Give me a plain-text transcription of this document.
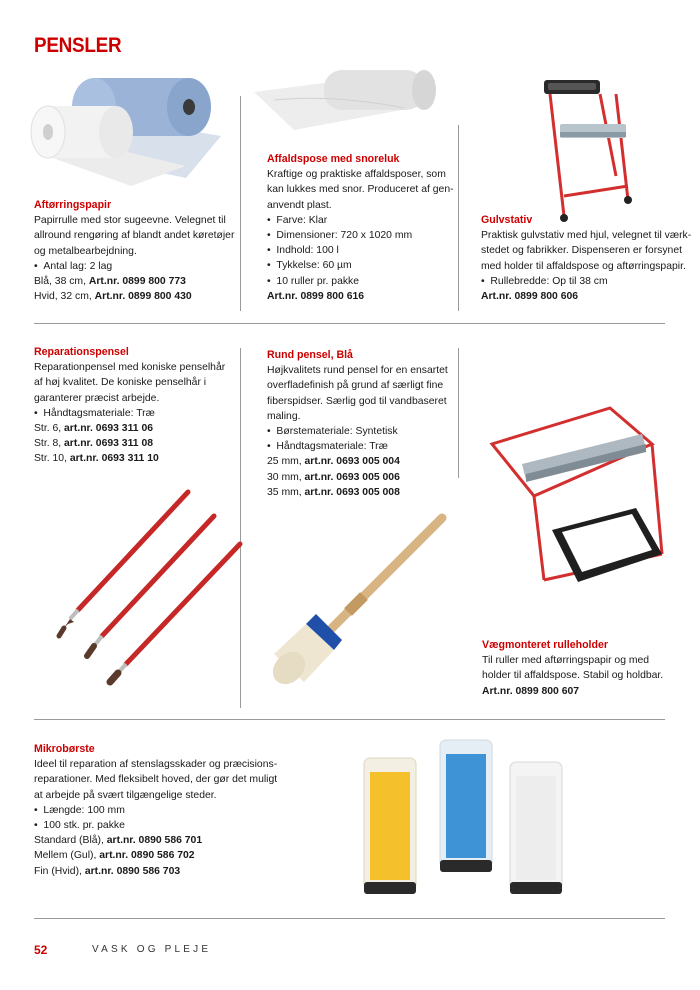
PENSLER
Aftørringspapir
Papirrulle med stor sugeevne. Velegnet til
allround rengøring af blandt andet køretøjer
og metalbearbejdning.
•  Antal lag: 2 lag
Blå, 38 cm, Art.nr. 0899 800 773
Hvid, 32 cm, Art.nr. 0899 800 430
Affaldspose med snoreluk
Kraftige og praktiske affaldsposer, som
kan lukkes med snor. Produceret af gen-
anvendt plast.
•  Farve: Klar
•  Dimensioner: 720 x 1020 mm
•  Indhold: 100 l
•  Tykkelse: 60 µm
•  10 ruller pr. pakke
Art.nr. 0899 800 616
Gulvstativ
Praktisk gulvstativ med hjul, velegnet til værk-
stedet og fabrikker. Dispenseren er forsynet
med holder til affaldspose og aftørringspapir.
•  Rullebredde: Op til 38 cm
Art.nr. 0899 800 606
Reparationspensel
Reparationpensel med koniske penselhår
af høj kvalitet. De koniske penselhår i
garanterer præcist arbejde.
•  Håndtagsmateriale: Træ
Str. 6, art.nr. 0693 311 06
Str. 8, art.nr. 0693 311 08
Str. 10, art.nr. 0693 311 10
Rund pensel, Blå
Højkvalitets rund pensel for en ensartet
overfladefinish på grund af særligt fine
fiberspidser. Særlig god til vandbaseret
maling.
•  Børstemateriale: Syntetisk
•  Håndtagsmateriale: Træ
25 mm, art.nr. 0693 005 004
30 mm, art.nr. 0693 005 006
35 mm, art.nr. 0693 005 008
Vægmonteret rulleholder
Til ruller med aftørringspapir og med
holder til affaldspose. Stabil og holdbar.
Art.nr. 0899 800 607
Mikrobørste
Ideel til reparation af stenslagsskader og præcisions-
reparationer. Med fleksibelt hoved, der gør det muligt
at arbejde på svært tilgængelige steder.
•  Længde: 100 mm
•  100 stk. pr. pakke
Standard (Blå), art.nr. 0890 586 701
Mellem (Gul), art.nr. 0890 586 702
Fin (Hvid), art.nr. 0890 586 703
52	VASK OG PLEJE
